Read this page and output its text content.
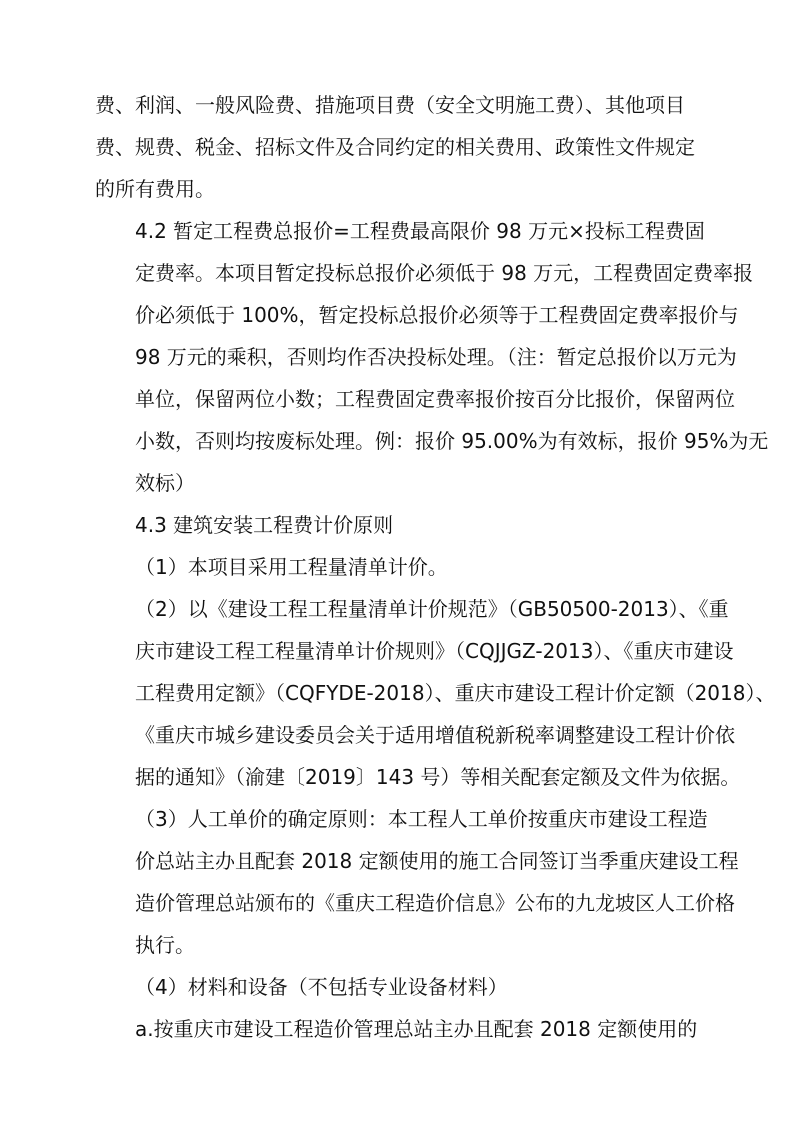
费、利润、一般风险费、措施项目费（安全文明施工费）、其他项目
费、规费、税金、招标文件及合同约定的相关费用、政策性文件规定
的所有费用。

4.2 暂定工程费总报价=工程费最高限价 98 万元×投标工程费固
定费率。本项目暂定投标总报价必须低于 98 万元，工程费固定费率报
价必须低于 100%，暂定投标总报价必须等于工程费固定费率报价与
98 万元的乘积，否则均作否决投标处理。（注：暂定总报价以万元为
单位，保留两位小数；工程费固定费率报价按百分比报价，保留两位
小数，否则均按废标处理。例：报价 95.00%为有效标，报价 95%为无
效标）

4.3 建筑安装工程费计价原则

（1）本项目采用工程量清单计价。

（2）以《建设工程工程量清单计价规范》（GB50500-2013）、《重
庆市建设工程工程量清单计价规则》（CQJJGZ-2013）、《重庆市建设
工程费用定额》（CQFYDE-2018）、重庆市建设工程计价定额（2018）、
《重庆市城乡建设委员会关于适用增值税新税率调整建设工程计价依
据的通知》（渝建〔2019〕143 号）等相关配套定额及文件为依据。

（3）人工单价的确定原则：本工程人工单价按重庆市建设工程造
价总站主办且配套 2018 定额使用的施工合同签订当季重庆建设工程
造价管理总站颁布的《重庆工程造价信息》公布的九龙坡区人工价格
执行。

（4）材料和设备（不包括专业设备材料）

a.按重庆市建设工程造价管理总站主办且配套 2018 定额使用的
